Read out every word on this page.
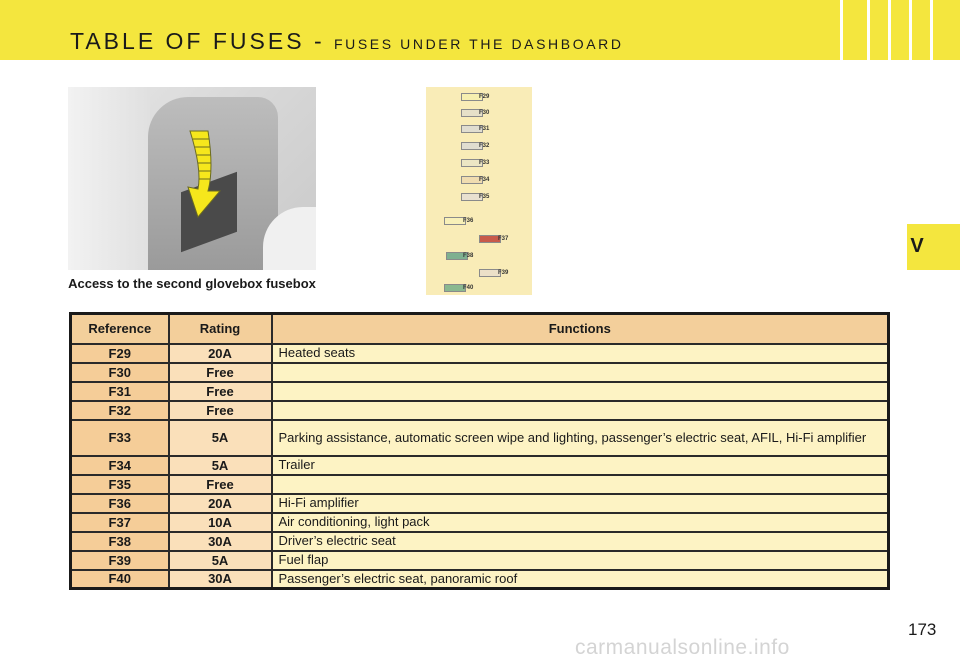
TABLE OF FUSES - FUSES UNDER THE DASHBOARD
Access to the second glovebox fusebox
F29
F30
F31
F32
F33
F34
F35
F36
F37
F38
F39
F40
V
Reference	Rating	Functions
F29	20A	Heated seats
F30	Free	
F31	Free	
F32	Free	
F33	5A	Parking assistance, automatic screen wipe and lighting, passenger’s electric seat, AFIL, Hi-Fi amplifier
F34	5A	Trailer
F35	Free	
F36	20A	Hi-Fi amplifier
F37	10A	Air conditioning, light pack
F38	30A	Driver’s electric seat
F39	5A	Fuel flap
F40	30A	Passenger’s electric seat, panoramic roof
173
carmanualsonline.info
